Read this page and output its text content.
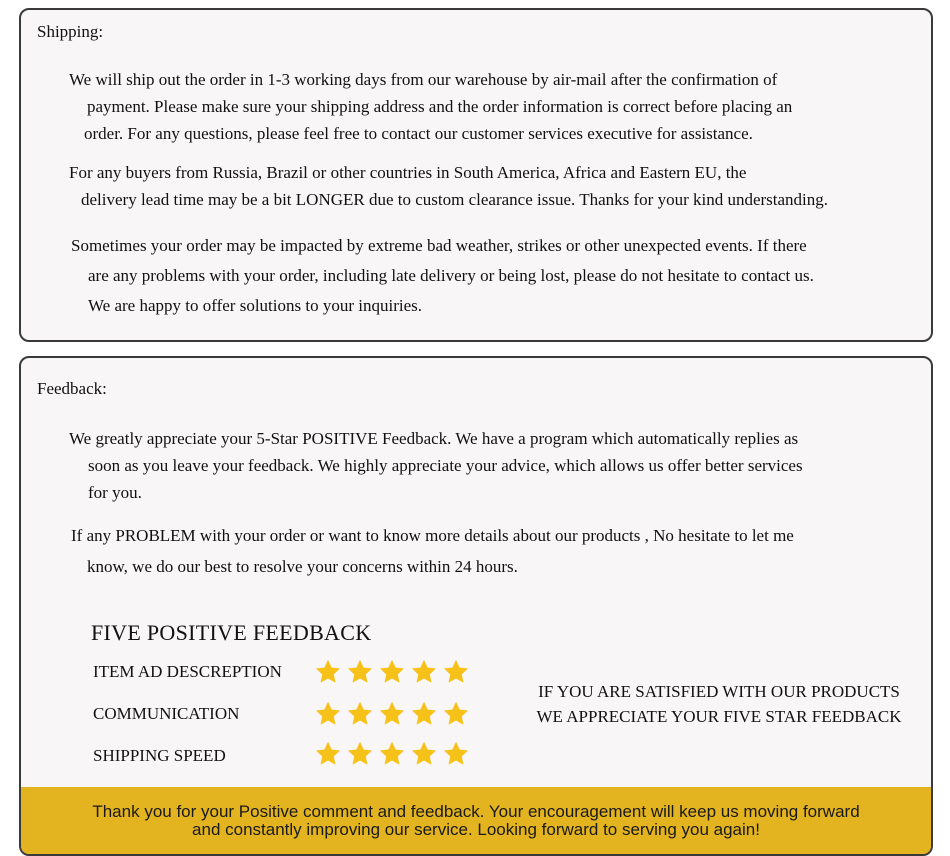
Shipping:

We will ship out the order in 1-3 working days from our warehouse by air-mail after the confirmation of
payment. Please make sure your shipping address and the order information is correct before placing an
order. For any questions, please feel free to contact our customer services executive for assistance.

For any buyers from Russia, Brazil or other countries in South America, Africa and Eastern EU, the
delivery lead time may be a bit LONGER due to custom clearance issue. Thanks for your kind understanding.

Sometimes your order may be impacted by extreme bad weather, strikes or other unexpected events. If there
are any problems with your order, including late delivery or being lost, please do not hesitate to contact us.
We are happy to offer solutions to your inquiries.

Feedback:

We greatly appreciate your 5-Star POSITIVE Feedback. We have a program which automatically replies as
soon as you leave your feedback. We highly appreciate your advice, which allows us offer better services
for you.

If any PROBLEM with your order or want to know more details about our products , No hesitate to let me
know, we do our best to resolve your concerns within 24 hours.

FIVE POSITIVE FEEDBACK
ITEM AD DESCREPTION
COMMUNICATION
SHIPPING SPEED
IF YOU ARE SATISFIED WITH OUR PRODUCTS
WE APPRECIATE YOUR FIVE STAR FEEDBACK
Thank you for your Positive comment and feedback. Your encouragement will keep us moving forward
and constantly improving our service. Looking forward to serving you again!
